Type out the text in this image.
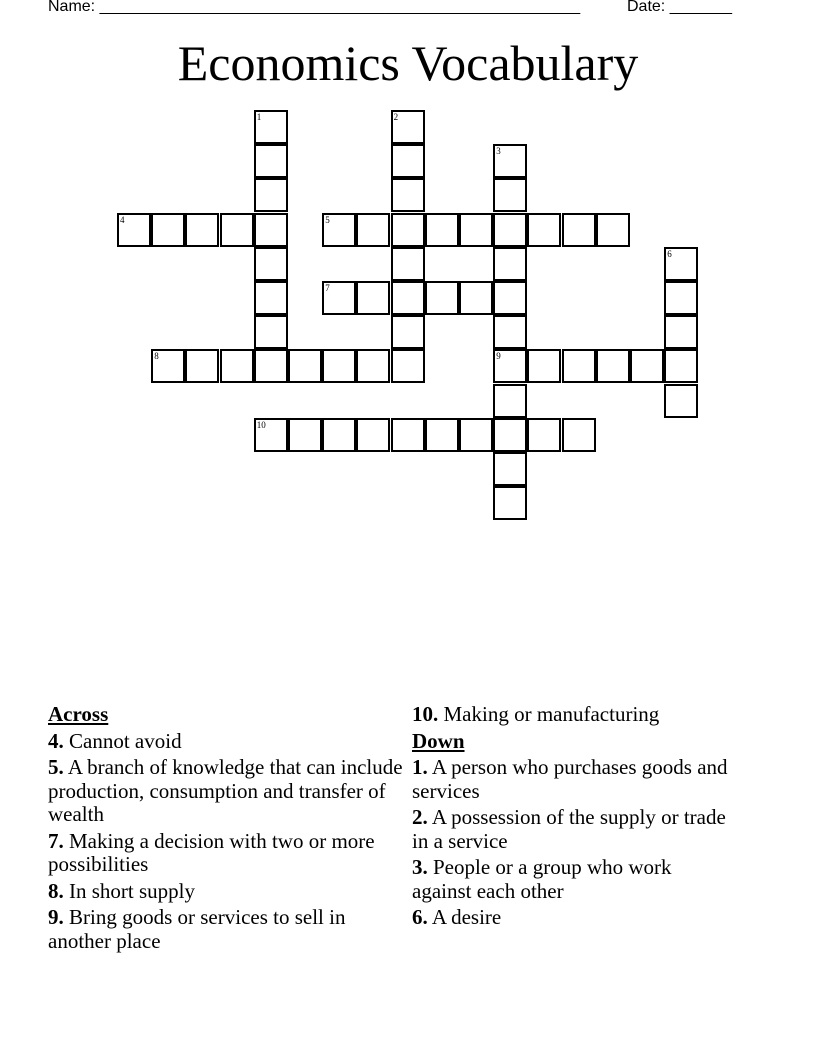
Name: ______________________________________________________	Date: _______
Economics Vocabulary
1	2
3
9
4	5
6
7
8
10
Across
4. Cannot avoid
5. A branch of knowledge that can include production, consumption and transfer of wealth
7. Making a decision with two or more possibilities
8. In short supply
9. Bring goods or services to sell in another place
10. Making or manufacturing
Down
1. A person who purchases goods and services
2. A possession of the supply or trade in a service
3. People or a group who work against each other
6. A desire
